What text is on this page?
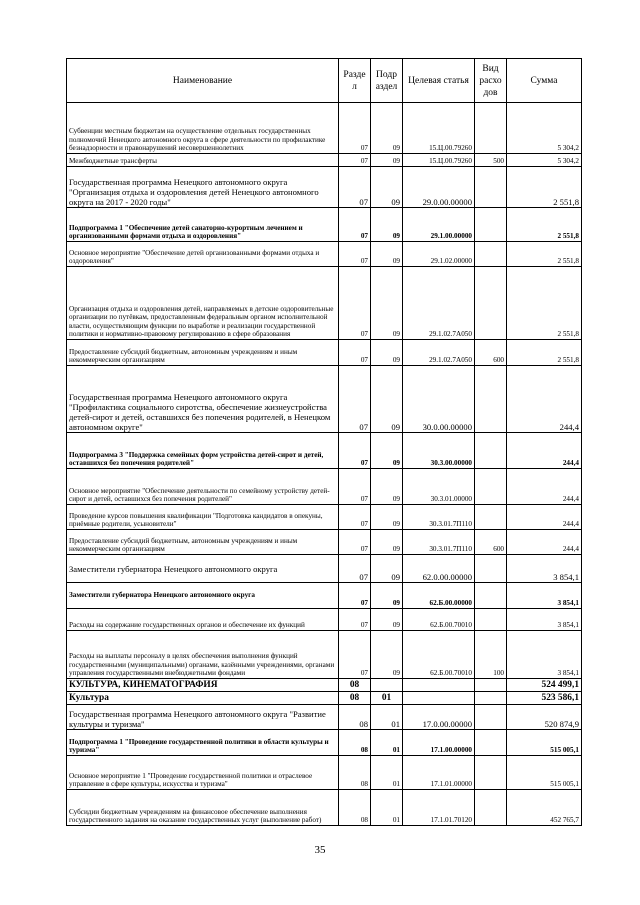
Наименование	Разде л	Подр аздел	Целевая статья	Вид расхо дов	Сумма
Субвенции местным бюджетам на осуществление отдельных государственных полномочий Ненецкого автономного округа в сфере деятельности по профилактике безнадзорности и правонарушений несовершеннолетних	07	09	15.Ц.00.79260		5 304,2
Межбюджетные трансферты	07	09	15.Ц.00.79260	500	5 304,2
Государственная программа Ненецкого автономного округа "Организация отдыха и оздоровления детей Ненецкого автономного округа на 2017 - 2020 годы"	07	09	29.0.00.00000		2 551,8
Подпрограмма 1 "Обеспечение детей санаторно-курортным лечением и организованными формами отдыха и оздоровления"	07	09	29.1.00.00000		2 551,8
Основное мероприятие "Обеспечение детей организованными формами отдыха и оздоровления"	07	09	29.1.02.00000		2 551,8
Организация отдыха и оздоровления детей, направляемых в детские оздоровительные организации по путёвкам, предоставленным федеральным органом исполнительной власти, осуществляющим функции по выработке и реализации государственной политики и нормативно-правовому регулированию в сфере образования	07	09	29.1.02.7А050		2 551,8
Предоставление субсидий бюджетным, автономным учреждениям и иным некоммерческим организациям	07	09	29.1.02.7А050	600	2 551,8
Государственная программа Ненецкого автономного округа "Профилактика социального сиротства, обеспечение жизнеустройства детей-сирот и детей, оставшихся без попечения родителей, в Ненецком автономном округе"	07	09	30.0.00.00000		244,4
Подпрограмма 3 "Поддержка семейных форм устройства детей-сирот и детей, оставшихся без попечения родителей"	07	09	30.3.00.00000		244,4
Основное мероприятие "Обеспечение деятельности по семейному устройству детей-сирот и детей, оставшихся без попечения родителей"	07	09	30.3.01.00000		244,4
Проведение курсов повышения квалификации "Подготовка кандидатов в опекуны, приёмные родители, усыновители"	07	09	30.3.01.7П110		244,4
Предоставление субсидий бюджетным, автономным учреждениям и иным некоммерческим организациям	07	09	30.3.01.7П110	600	244,4
Заместители губернатора Ненецкого автономного округа	07	09	62.0.00.00000		3 854,1
Заместители губернатора Ненецкого автономного округа	07	09	62.Б.00.00000		3 854,1
Расходы на содержание государственных органов и обеспечение их функций	07	09	62.Б.00.70010		3 854,1
Расходы на выплаты персоналу в целях обеспечения выполнения функций государственными (муниципальными) органами, казёнными учреждениями, органами управления государственными внебюджетными фондами	07	09	62.Б.00.70010	100	3 854,1
КУЛЬТУРА, КИНЕМАТОГРАФИЯ	08				524 499,1
Культура	08	01			523 586,1
Государственная программа Ненецкого автономного округа "Развитие культуры и туризма"	08	01	17.0.00.00000		520 874,9
Подпрограмма 1 "Проведение государственной политики в области культуры и туризма"	08	01	17.1.00.00000		515 005,1
Основное мероприятие 1 "Проведение государственной политики и отраслевое управление в сфере культуры, искусства и туризма"	08	01	17.1.01.00000		515 005,1
Субсидии бюджетным учреждениям на финансовое обеспечение выполнения государственного задания на оказание государственных услуг (выполнение работ)	08	01	17.1.01.70120		452 765,7
35
